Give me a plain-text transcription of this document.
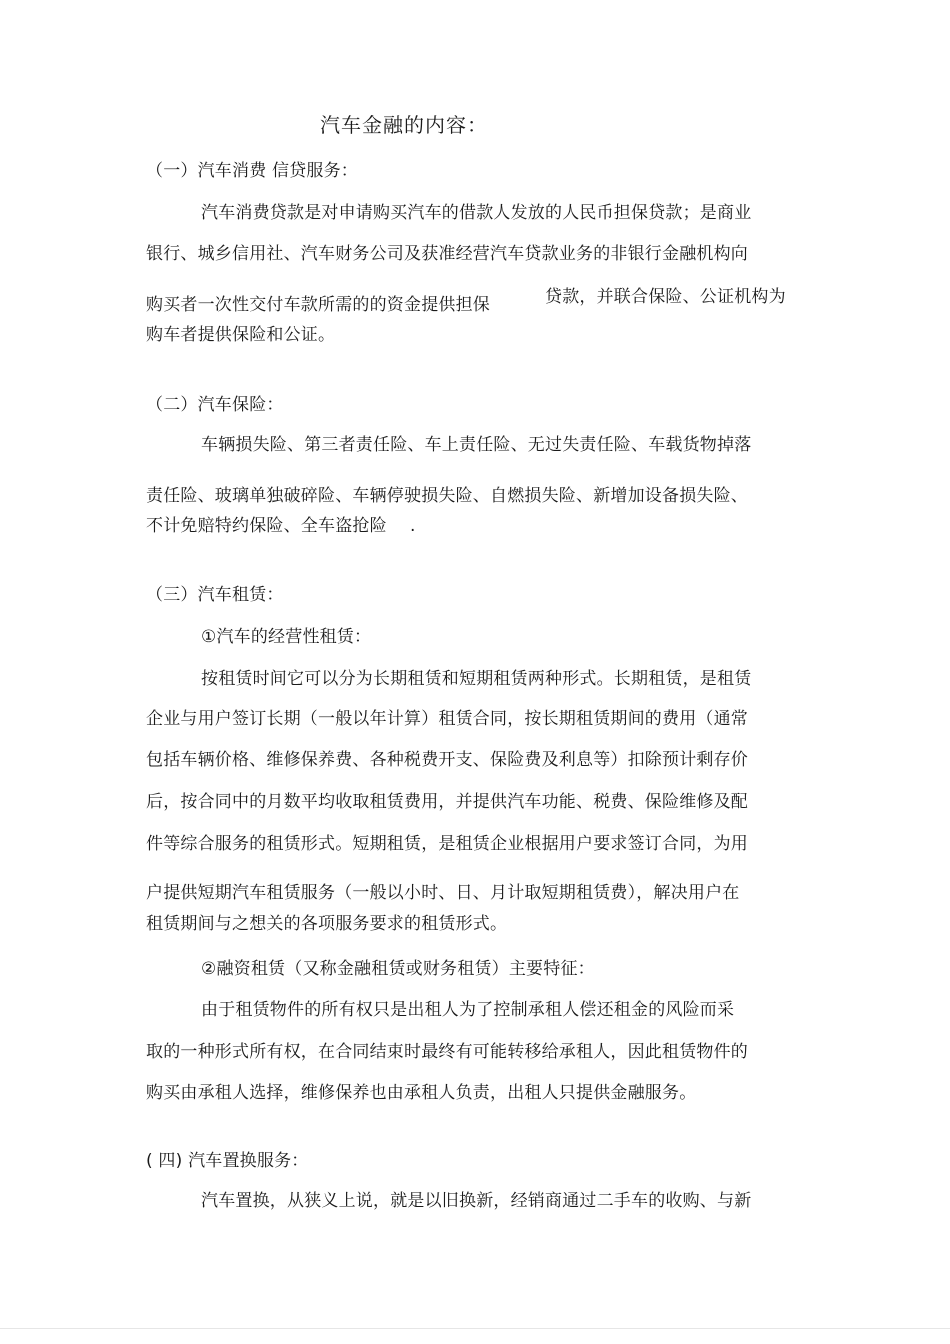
汽车金融的内容：
（一）汽车消费 信贷服务：
汽车消费贷款是对申请购买汽车的借款人发放的人民币担保贷款；是商业
银行、城乡信用社、汽车财务公司及获准经营汽车贷款业务的非银行金融机构向
购买者一次性交付车款所需的的资金提供担保	贷款，并联合保险、公证机构为
购车者提供保险和公证。
（二）汽车保险：
车辆损失险、第三者责任险、车上责任险、无过失责任险、车载货物掉落
责任险、玻璃单独破碎险、车辆停驶损失险、自燃损失险、新增加设备损失险、
不计免赔特约保险、全车盗抢险 .
（三）汽车租赁：
①汽车的经营性租赁：
按租赁时间它可以分为长期租赁和短期租赁两种形式。长期租赁，是租赁
企业与用户签订长期（一般以年计算）租赁合同，按长期租赁期间的费用（通常
包括车辆价格、维修保养费、各种税费开支、保险费及利息等）扣除预计剩存价
后，按合同中的月数平均收取租赁费用，并提供汽车功能、税费、保险维修及配
件等综合服务的租赁形式。短期租赁，是租赁企业根据用户要求签订合同，为用
户提供短期汽车租赁服务（一般以小时、日、月计取短期租赁费），解决用户在
租赁期间与之想关的各项服务要求的租赁形式。
②融资租赁（又称金融租赁或财务租赁）主要特征：
由于租赁物件的所有权只是出租人为了控制承租人偿还租金的风险而采
取的一种形式所有权，在合同结束时最终有可能转移给承租人，因此租赁物件的
购买由承租人选择，维修保养也由承租人负责，出租人只提供金融服务。
( 四) 汽车置换服务：
汽车置换，从狭义上说，就是以旧换新，经销商通过二手车的收购、与新
